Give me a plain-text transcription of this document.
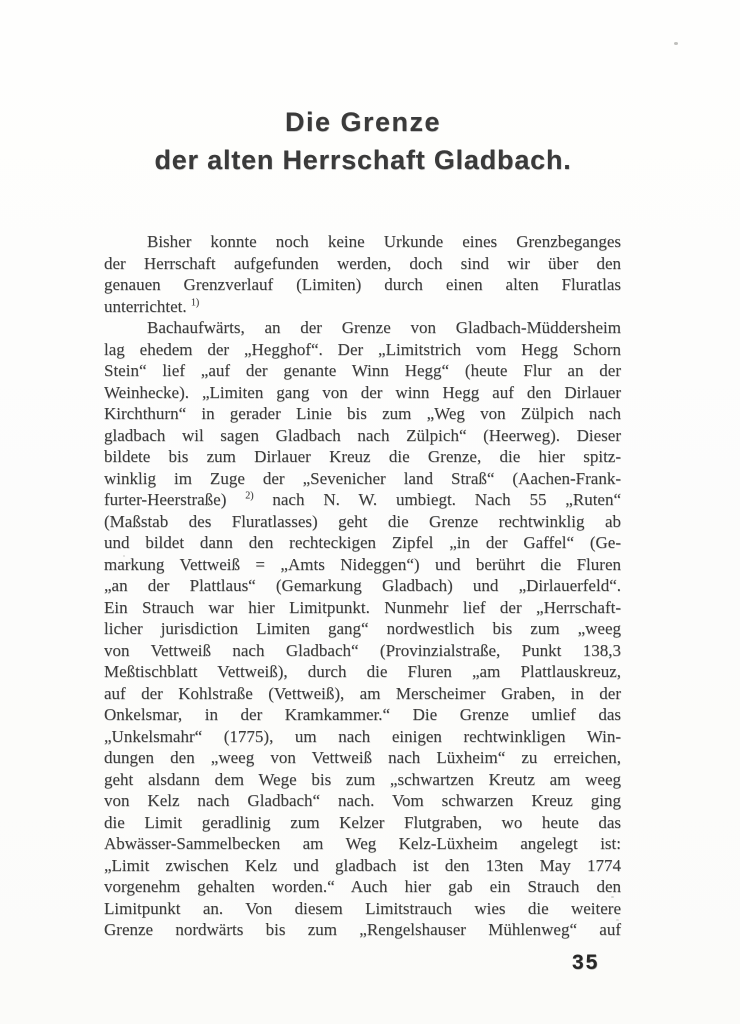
Die Grenze
der alten Herrschaft Gladbach.
Bisher konnte noch keine Urkunde eines Grenzbeganges
der Herrschaft aufgefunden werden, doch sind wir über den
genauen Grenzverlauf (Limiten) durch einen alten Fluratlas
unterrichtet. $^{1)}$
Bachaufwärts, an der Grenze von Gladbach-Müddersheim
lag ehedem der „Hegghof“. Der „Limitstrich vom Hegg Schorn
Stein“ lief „auf der genante Winn Hegg“ (heute Flur an der
Weinhecke). „Limiten gang von der winn Hegg auf den Dirlauer
Kirchthurn“ in gerader Linie bis zum „Weg von Zülpich nach
gladbach wil sagen Gladbach nach Zülpich“ (Heerweg). Dieser
bildete bis zum Dirlauer Kreuz die Grenze, die hier spitz-
winklig im Zuge der „Sevenicher land Straß“ (Aachen-Frank-
furter-Heerstraße) $^{2)}$ nach N. W. umbiegt. Nach 55 „Ruten“
(Maßstab des Fluratlasses) geht die Grenze rechtwinklig ab
und bildet dann den rechteckigen Zipfel „in der Gaffel“ (Ge-
markung Vettweiß = „Amts Nideggen“) und berührt die Fluren
„an der Plattlaus“ (Gemarkung Gladbach) und „Dirlauerfeld“.
Ein Strauch war hier Limitpunkt. Nunmehr lief der „Herrschaft-
licher jurisdiction Limiten gang“ nordwestlich bis zum „weeg
von Vettweiß nach Gladbach“ (Provinzialstraße, Punkt 138,3
Meßtischblatt Vettweiß), durch die Fluren „am Plattlauskreuz,
auf der Kohlstraße (Vettweiß), am Merscheimer Graben, in der
Onkelsmar, in der Kramkammer.“ Die Grenze umlief das
„Unkelsmahr“ (1775), um nach einigen rechtwinkligen Win-
dungen den „weeg von Vettweiß nach Lüxheim“ zu erreichen,
geht alsdann dem Wege bis zum „schwartzen Kreutz am weeg
von Kelz nach Gladbach“ nach. Vom schwarzen Kreuz ging
die Limit geradlinig zum Kelzer Flutgraben, wo heute das
Abwässer-Sammelbecken am Weg Kelz-Lüxheim angelegt ist:
„Limit zwischen Kelz und gladbach ist den 13ten May 1774
vorgenehm gehalten worden.“ Auch hier gab ein Strauch den
Limitpunkt an. Von diesem Limitstrauch wies die weitere
Grenze nordwärts bis zum „Rengelshauser Mühlenweg“ auf
35
